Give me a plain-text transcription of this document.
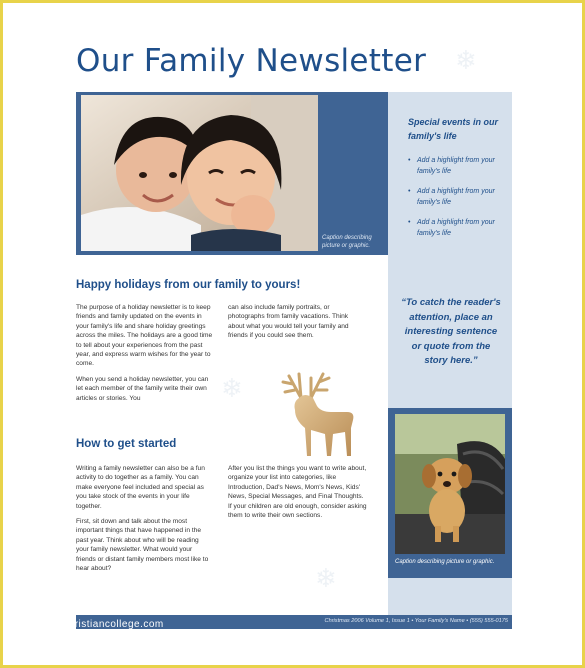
❄
❄
❄
Our Family Newsletter
Caption describing picture or graphic.
Special events in our family's life
• Add a highlight from your family's life
• Add a highlight from your family's life
• Add a highlight from your family's life
“To catch the reader's attention, place an interesting sentence or quote from the story here.”
Caption describing picture or graphic.
Happy holidays from our family to yours!

The purpose of a holiday newsletter is to keep friends and family updated on the events in your family's life and share holiday greetings across the miles. The holidays are a good time to tell about your experiences from the past year, and express warm wishes for the year to come.

When you send a holiday newsletter, you can let each member of the family write their own articles or stories. You

can also include family portraits, or photographs from family vacations. Think about what you would tell your family and friends if you could see them.

How to get started

Writing a family newsletter can also be a fun activity to do together as a family. You can make everyone feel included and special as you take stock of the events in your life together.

First, sit down and talk about the most important things that have happened in the past year. Think about who will be reading your family newsletter. What would your friends or distant family members most like to hear about?

After you list the things you want to write about, organize your list into categories, like Introduction, Dad's News, Mom's News, Kids' News, Special Messages, and Final Thoughts. If your children are old enough, consider asking them to write their own sections.

Christmas 2006 Volume 1, Issue 1 • Your Family's Name • (555) 555-0175
heritagechristiancollege.com
